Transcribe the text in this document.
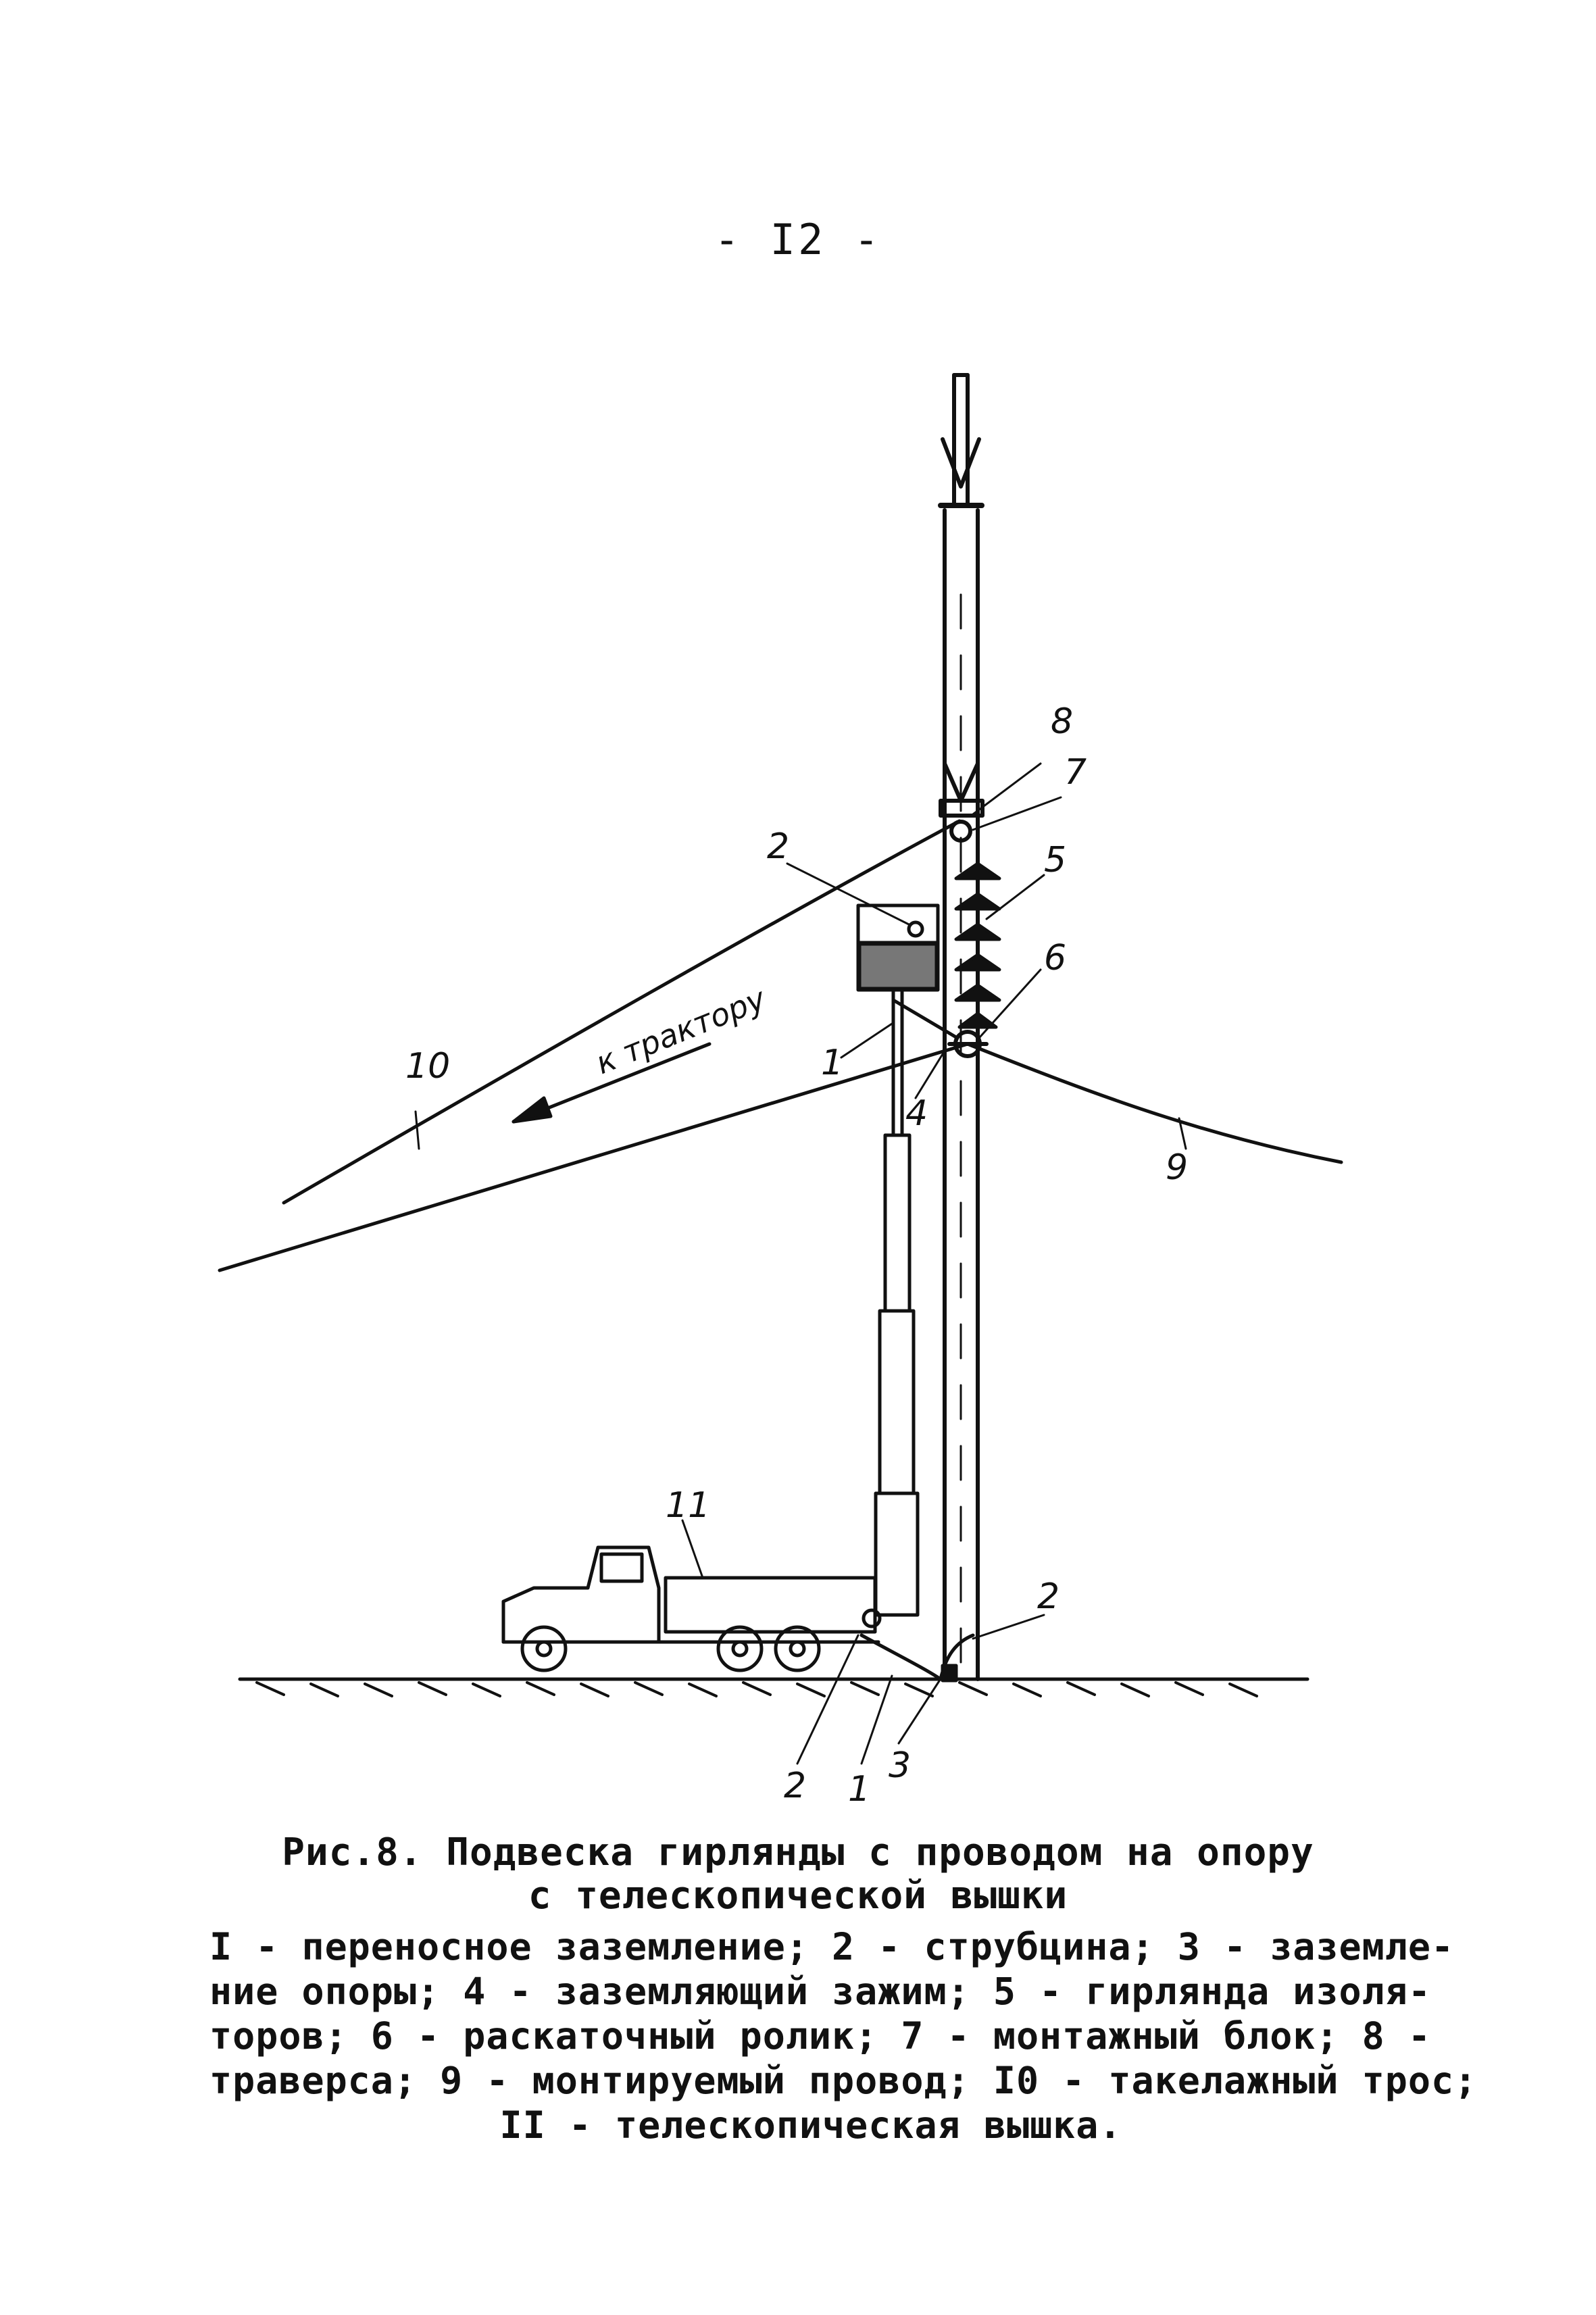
- I2 -
2
1
4
5
6
7
8
9
10
11
2 1
3
2
к трактору
Рис.8. Подвеска гирлянды с проводом на опору
с телескопической вышки

I - переносное заземление; 2 - струбцина; 3 - заземле-

ние опоры; 4 - заземляющий зажим; 5 - гирлянда изоля-

торов; 6 - раскаточный ролик; 7 - монтажный блок; 8 -

траверса; 9 - монтируемый провод; I0 - такелажный трос;

II - телескопическая вышка.
